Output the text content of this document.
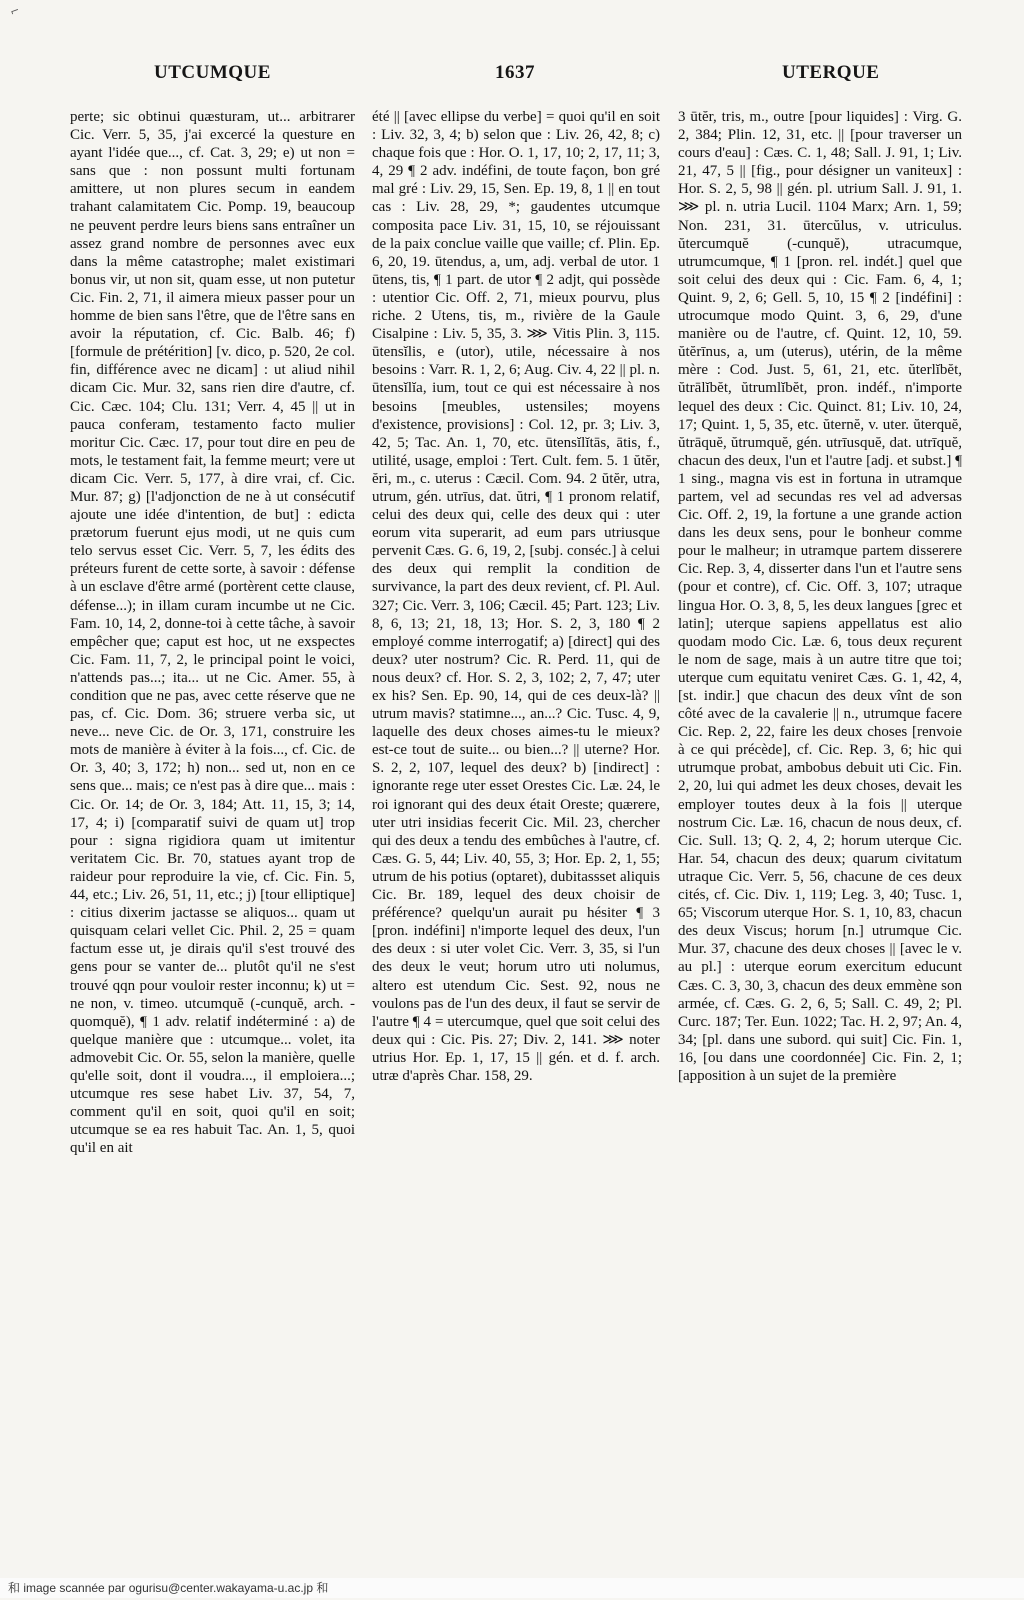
⌐
UTCUMQUE	1637	UTERQUE
perte; sic obtinui quæsturam, ut... arbitrarer Cic. Verr. 5, 35, j'ai excercé la questure en ayant l'idée que..., cf. Cat. 3, 29; e) ut non = sans que : non possunt multi fortunam amittere, ut non plures secum in eandem trahant calamitatem Cic. Pomp. 19, beaucoup ne peuvent perdre leurs biens sans entraîner un assez grand nombre de personnes avec eux dans la même catastrophe; malet existimari bonus vir, ut non sit, quam esse, ut non putetur Cic. Fin. 2, 71, il aimera mieux passer pour un homme de bien sans l'être, que de l'être sans en avoir la réputation, cf. Cic. Balb. 46; f) [formule de prétérition] [v. dico, p. 520, 2e col. fin, différence avec ne dicam] : ut aliud nihil dicam Cic. Mur. 32, sans rien dire d'autre, cf. Cic. Cæc. 104; Clu. 131; Verr. 4, 45 || ut in pauca conferam, testamento facto mulier moritur Cic. Cæc. 17, pour tout dire en peu de mots, le testament fait, la femme meurt; vere ut dicam Cic. Verr. 5, 177, à dire vrai, cf. Cic. Mur. 87; g) [l'adjonction de ne à ut consécutif ajoute une idée d'intention, de but] : edicta prætorum fuerunt ejus modi, ut ne quis cum telo servus esset Cic. Verr. 5, 7, les édits des préteurs furent de cette sorte, à savoir : défense à un esclave d'être armé (portèrent cette clause, défense...); in illam curam incumbe ut ne Cic. Fam. 10, 14, 2, donne-toi à cette tâche, à savoir empêcher que; caput est hoc, ut ne exspectes Cic. Fam. 11, 7, 2, le principal point le voici, n'attends pas...; ita... ut ne Cic. Amer. 55, à condition que ne pas, avec cette réserve que ne pas, cf. Cic. Dom. 36; struere verba sic, ut neve... neve Cic. de Or. 3, 171, construire les mots de manière à éviter à la fois..., cf. Cic. de Or. 3, 40; 3, 172; h) non... sed ut, non en ce sens que... mais; ce n'est pas à dire que... mais : Cic. Or. 14; de Or. 3, 184; Att. 11, 15, 3; 14, 17, 4; i) [comparatif suivi de quam ut] trop pour : signa rigidiora quam ut imitentur veritatem Cic. Br. 70, statues ayant trop de raideur pour reproduire la vie, cf. Cic. Fin. 5, 44, etc.; Liv. 26, 51, 11, etc.; j) [tour elliptique] : citius dixerim jactasse se aliquos... quam ut quisquam celari vellet Cic. Phil. 2, 25 = quam factum esse ut, je dirais qu'il s'est trouvé des gens pour se vanter de... plutôt qu'il ne s'est trouvé qqn pour vouloir rester inconnu; k) ut = ne non, v. timeo. utcumquĕ (-cunquĕ, arch. -quomquĕ), ¶ 1 adv. relatif indéterminé : a) de quelque manière que : utcumque... volet, ita admovebit Cic. Or. 55, selon la manière, quelle qu'elle soit, dont il voudra..., il emploiera...; utcumque res sese habet Liv. 37, 54, 7, comment qu'il en soit, quoi qu'il en soit; utcumque se ea res habuit Tac. An. 1, 5, quoi qu'il en ait
été || [avec ellipse du verbe] = quoi qu'il en soit : Liv. 32, 3, 4; b) selon que : Liv. 26, 42, 8; c) chaque fois que : Hor. O. 1, 17, 10; 2, 17, 11; 3, 4, 29 ¶ 2 adv. indéfini, de toute façon, bon gré mal gré : Liv. 29, 15, Sen. Ep. 19, 8, 1 || en tout cas : Liv. 28, 29, *; gaudentes utcumque composita pace Liv. 31, 15, 10, se réjouissant de la paix conclue vaille que vaille; cf. Plin. Ep. 6, 20, 19. ūtendus, a, um, adj. verbal de utor. 1 ūtens, tis, ¶ 1 part. de utor ¶ 2 adjt, qui possède : utentior Cic. Off. 2, 71, mieux pourvu, plus riche. 2 Utens, tis, m., rivière de la Gaule Cisalpine : Liv. 5, 35, 3. ⋙ Vitis Plin. 3, 115. ūtensĭlis, e (utor), utile, nécessaire à nos besoins : Varr. R. 1, 2, 6; Aug. Civ. 4, 22 || pl. n. ūtensĭlĭa, ium, tout ce qui est nécessaire à nos besoins [meubles, ustensiles; moyens d'existence, provisions] : Col. 12, pr. 3; Liv. 3, 42, 5; Tac. An. 1, 70, etc. ūtensĭlĭtās, ātis, f., utilité, usage, emploi : Tert. Cult. fem. 5. 1 ŭtĕr, ĕri, m., c. uterus : Cæcil. Com. 94. 2 ŭtĕr, utra, utrum, gén. utrīus, dat. ŭtri, ¶ 1 pronom relatif, celui des deux qui, celle des deux qui : uter eorum vita superarit, ad eum pars utriusque pervenit Cæs. G. 6, 19, 2, [subj. conséc.] à celui des deux qui remplit la condition de survivance, la part des deux revient, cf. Pl. Aul. 327; Cic. Verr. 3, 106; Cæcil. 45; Part. 123; Liv. 8, 6, 13; 21, 18, 13; Hor. S. 2, 3, 180 ¶ 2 employé comme interrogatif; a) [direct] qui des deux? uter nostrum? Cic. R. Perd. 11, qui de nous deux? cf. Hor. S. 2, 3, 102; 2, 7, 47; uter ex his? Sen. Ep. 90, 14, qui de ces deux-là? || utrum mavis? statimne..., an...? Cic. Tusc. 4, 9, laquelle des deux choses aimes-tu le mieux? est-ce tout de suite... ou bien...? || uterne? Hor. S. 2, 2, 107, lequel des deux? b) [indirect] : ignorante rege uter esset Orestes Cic. Læ. 24, le roi ignorant qui des deux était Oreste; quærere, uter utri insidias fecerit Cic. Mil. 23, chercher qui des deux a tendu des embûches à l'autre, cf. Cæs. G. 5, 44; Liv. 40, 55, 3; Hor. Ep. 2, 1, 55; utrum de his potius (optaret), dubitassset aliquis Cic. Br. 189, lequel des deux choisir de préférence? quelqu'un aurait pu hésiter ¶ 3 [pron. indéfini] n'importe lequel des deux, l'un des deux : si uter volet Cic. Verr. 3, 35, si l'un des deux le veut; horum utro uti nolumus, altero est utendum Cic. Sest. 92, nous ne voulons pas de l'un des deux, il faut se servir de l'autre ¶ 4 = utercumque, quel que soit celui des deux qui : Cic. Pis. 27; Div. 2, 141. ⋙ noter utrius Hor. Ep. 1, 17, 15 || gén. et d. f. arch. utræ d'après Char. 158, 29.
3 ūtĕr, tris, m., outre [pour liquides] : Virg. G. 2, 384; Plin. 12, 31, etc. || [pour traverser un cours d'eau] : Cæs. C. 1, 48; Sall. J. 91, 1; Liv. 21, 47, 5 || [fig., pour désigner un vaniteux] : Hor. S. 2, 5, 98 || gén. pl. utrium Sall. J. 91, 1. ⋙ pl. n. utria Lucil. 1104 Marx; Arn. 1, 59; Non. 231, 31. ūtercŭlus, v. utriculus. ŭtercumquĕ (-cunquĕ), utracumque, utrumcumque, ¶ 1 [pron. rel. indét.] quel que soit celui des deux qui : Cic. Fam. 6, 4, 1; Quint. 9, 2, 6; Gell. 5, 10, 15 ¶ 2 [indéfini] : utrocumque modo Quint. 3, 6, 29, d'une manière ou de l'autre, cf. Quint. 12, 10, 59. ŭtĕrīnus, a, um (uterus), utérin, de la même mère : Cod. Just. 5, 61, 21, etc. ŭterlĭbĕt, ŭtrālĭbĕt, ŭtrumlĭbĕt, pron. indéf., n'importe lequel des deux : Cic. Quinct. 81; Liv. 10, 24, 17; Quint. 1, 5, 35, etc. ŭternĕ, v. uter. ŭterquĕ, ŭtrāquĕ, ŭtrumquĕ, gén. utrīusquĕ, dat. utrīquĕ, chacun des deux, l'un et l'autre [adj. et subst.] ¶ 1 sing., magna vis est in fortuna in utramque partem, vel ad secundas res vel ad adversas Cic. Off. 2, 19, la fortune a une grande action dans les deux sens, pour le bonheur comme pour le malheur; in utramque partem disserere Cic. Rep. 3, 4, disserter dans l'un et l'autre sens (pour et contre), cf. Cic. Off. 3, 107; utraque lingua Hor. O. 3, 8, 5, les deux langues [grec et latin]; uterque sapiens appellatus est alio quodam modo Cic. Læ. 6, tous deux reçurent le nom de sage, mais à un autre titre que toi; uterque cum equitatu veniret Cæs. G. 1, 42, 4, [st. indir.] que chacun des deux vînt de son côté avec de la cavalerie || n., utrumque facere Cic. Rep. 2, 22, faire les deux choses [renvoie à ce qui précède], cf. Cic. Rep. 3, 6; hic qui utrumque probat, ambobus debuit uti Cic. Fin. 2, 20, lui qui admet les deux choses, devait les employer toutes deux à la fois || uterque nostrum Cic. Læ. 16, chacun de nous deux, cf. Cic. Sull. 13; Q. 2, 4, 2; horum uterque Cic. Har. 54, chacun des deux; quarum civitatum utraque Cic. Verr. 5, 56, chacune de ces deux cités, cf. Cic. Div. 1, 119; Leg. 3, 40; Tusc. 1, 65; Viscorum uterque Hor. S. 1, 10, 83, chacun des deux Viscus; horum [n.] utrumque Cic. Mur. 37, chacune des deux choses || [avec le v. au pl.] : uterque eorum exercitum educunt Cæs. C. 3, 30, 3, chacun des deux emmène son armée, cf. Cæs. G. 2, 6, 5; Sall. C. 49, 2; Pl. Curc. 187; Ter. Eun. 1022; Tac. H. 2, 97; An. 4, 34; [pl. dans une subord. qui suit] Cic. Fin. 1, 16, [ou dans une coordonnée] Cic. Fin. 2, 1; [apposition à un sujet de la première
和 image scannée par ogurisu@center.wakayama-u.ac.jp 和
